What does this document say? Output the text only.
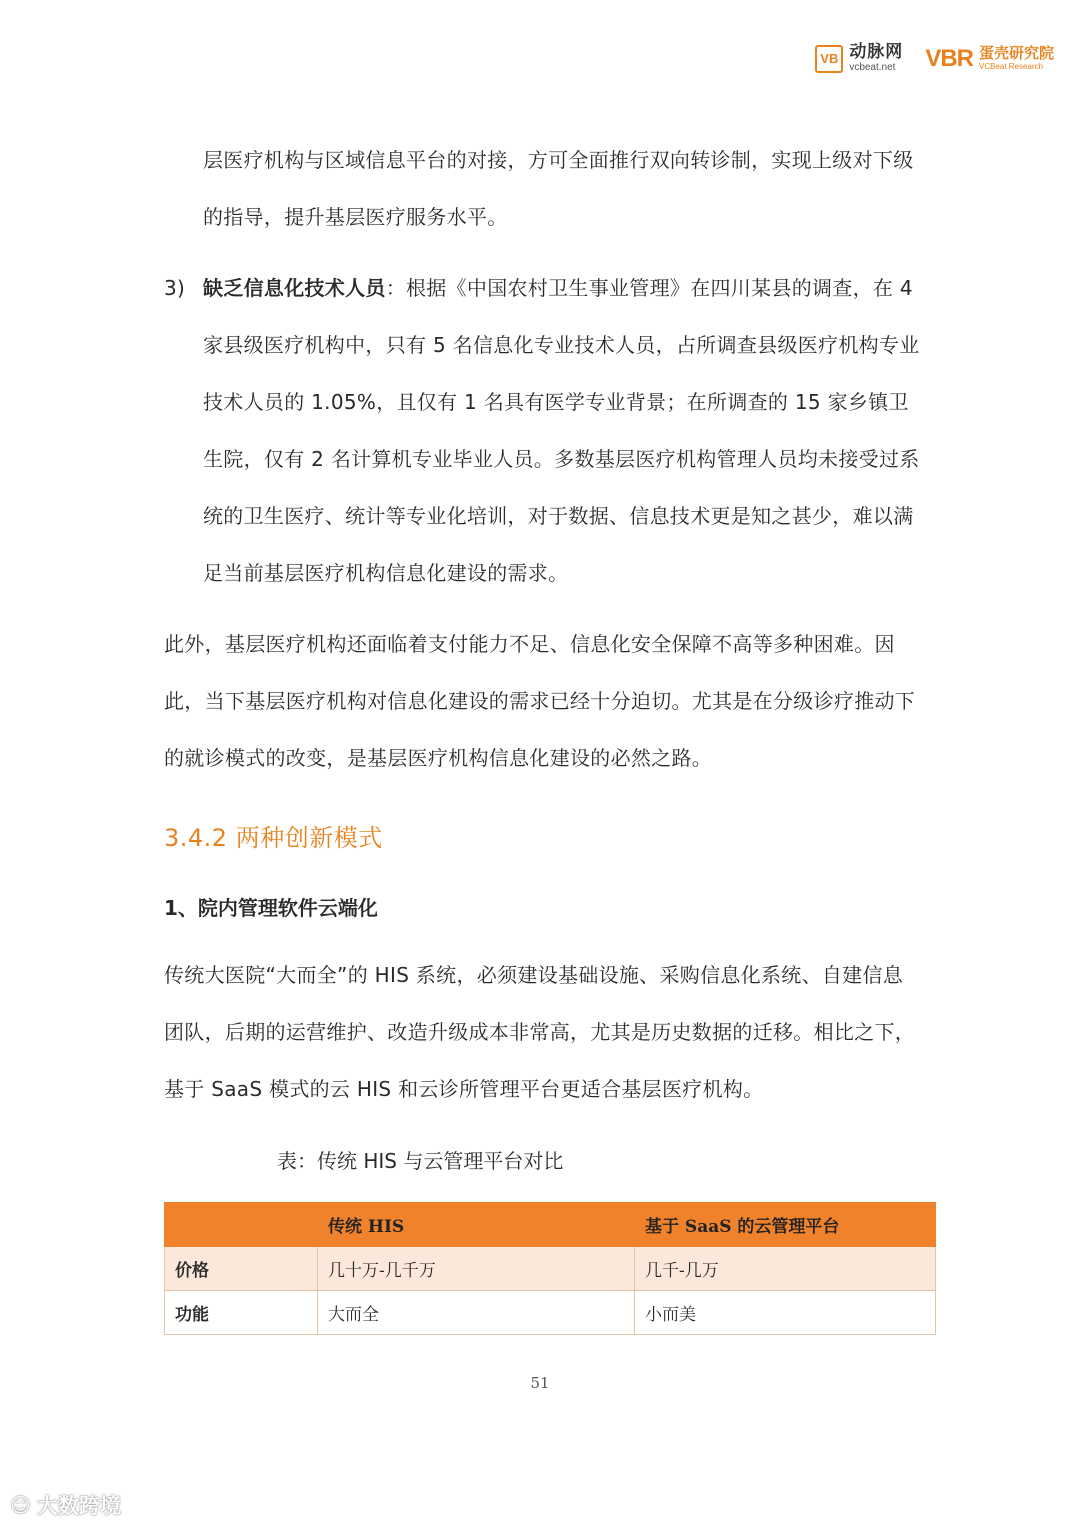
VB 动脉网
vcbeat.net	VBR 蛋壳研究院
VCBeat Research

层医疗机构与区域信息平台的对接，方可全面推行双向转诊制，实现上级对下级的指导，提升基层医疗服务水平。

3) 缺乏信息化技术人员：根据《中国农村卫生事业管理》在四川某县的调查，在 4 家县级医疗机构中，只有 5 名信息化专业技术人员，占所调查县级医疗机构专业技术人员的 1.05%，且仅有 1 名具有医学专业背景；在所调查的 15 家乡镇卫生院，仅有 2 名计算机专业毕业人员。多数基层医疗机构管理人员均未接受过系统的卫生医疗、统计等专业化培训，对于数据、信息技术更是知之甚少，难以满足当前基层医疗机构信息化建设的需求。

此外，基层医疗机构还面临着支付能力不足、信息化安全保障不高等多种困难。因此，当下基层医疗机构对信息化建设的需求已经十分迫切。尤其是在分级诊疗推动下的就诊模式的改变，是基层医疗机构信息化建设的必然之路。

3.4.2 两种创新模式
1、院内管理软件云端化

传统大医院“大而全”的 HIS 系统，必须建设基础设施、采购信息化系统、自建信息团队，后期的运营维护、改造升级成本非常高，尤其是历史数据的迁移。相比之下，基于 SaaS 模式的云 HIS 和云诊所管理平台更适合基层医疗机构。

表：传统 HIS 与云管理平台对比
	传统 HIS	基于 SaaS 的云管理平台
价格	几十万-几千万	几千-几万
功能	大而全	小而美
51
☺ 大数跨境
